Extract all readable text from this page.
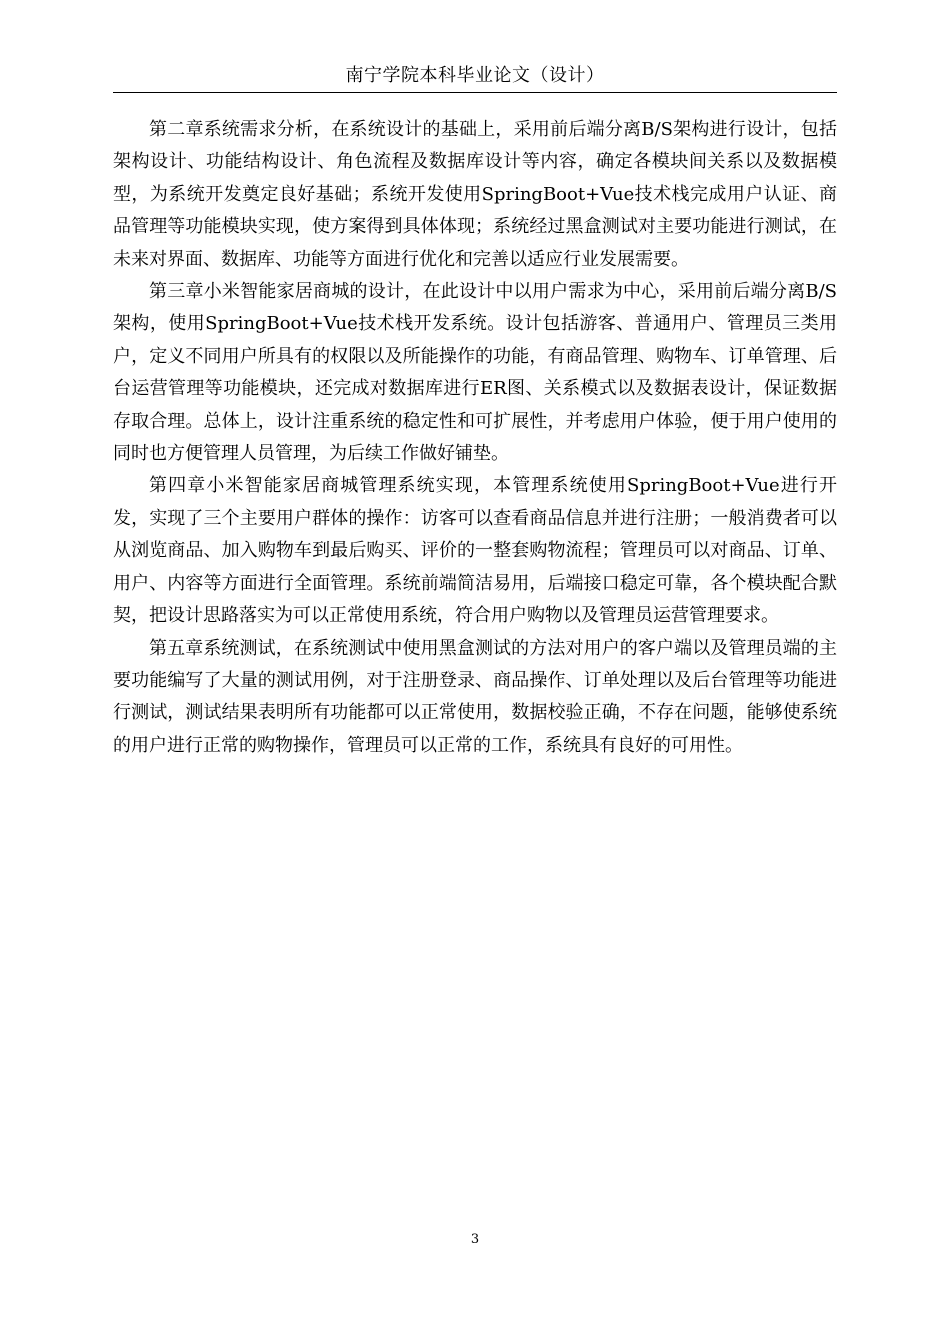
南宁学院本科毕业论文（设计）

第二章系统需求分析，在系统设计的基础上，采用前后端分离B/S架构进行设计，包括架构设计、功能结构设计、角色流程及数据库设计等内容，确定各模块间关系以及数据模型，为系统开发奠定良好基础；系统开发使用SpringBoot+Vue技术栈完成用户认证、商品管理等功能模块实现，使方案得到具体体现；系统经过黑盒测试对主要功能进行测试，在未来对界面、数据库、功能等方面进行优化和完善以适应行业发展需要。

第三章小米智能家居商城的设计，在此设计中以用户需求为中心，采用前后端分离B/S架构，使用SpringBoot+Vue技术栈开发系统。设计包括游客、普通用户、管理员三类用户，定义不同用户所具有的权限以及所能操作的功能，有商品管理、购物车、订单管理、后台运营管理等功能模块，还完成对数据库进行ER图、关系模式以及数据表设计，保证数据存取合理。总体上，设计注重系统的稳定性和可扩展性，并考虑用户体验，便于用户使用的同时也方便管理人员管理，为后续工作做好铺垫。

第四章小米智能家居商城管理系统实现，本管理系统使用SpringBoot+Vue进行开发，实现了三个主要用户群体的操作：访客可以查看商品信息并进行注册；一般消费者可以从浏览商品、加入购物车到最后购买、评价的一整套购物流程；管理员可以对商品、订单、用户、内容等方面进行全面管理。系统前端简洁易用，后端接口稳定可靠，各个模块配合默契，把设计思路落实为可以正常使用系统，符合用户购物以及管理员运营管理要求。

第五章系统测试，在系统测试中使用黑盒测试的方法对用户的客户端以及管理员端的主要功能编写了大量的测试用例，对于注册登录、商品操作、订单处理以及后台管理等功能进行测试，测试结果表明所有功能都可以正常使用，数据校验正确，不存在问题，能够使系统的用户进行正常的购物操作，管理员可以正常的工作，系统具有良好的可用性。

3
